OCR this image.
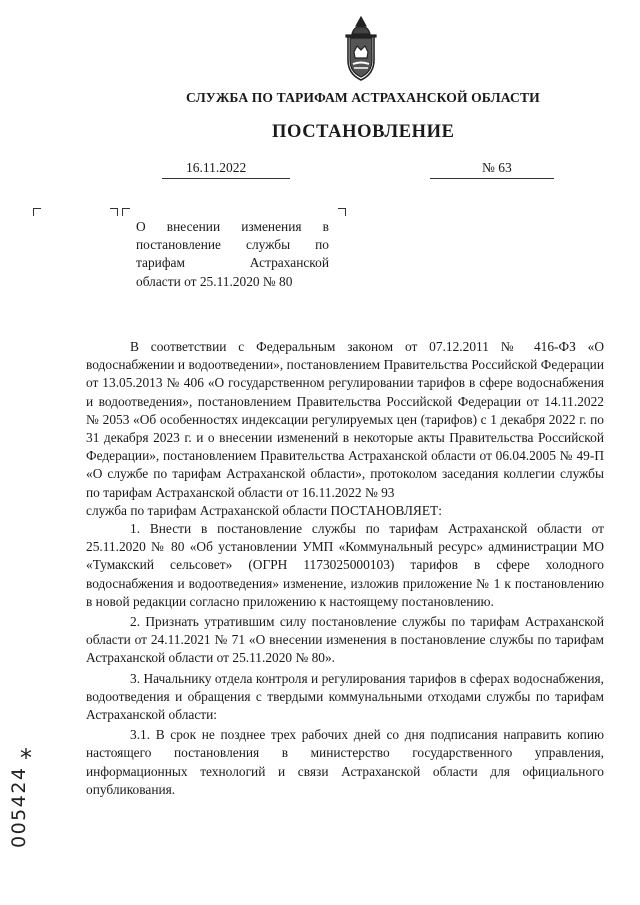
СЛУЖБА ПО ТАРИФАМ АСТРАХАНСКОЙ ОБЛАСТИ
ПОСТАНОВЛЕНИЕ
16.11.2022	№ 63
О внесении изменения в
постановление службы по
тарифам Астраханской
области от 25.11.2020 № 80
В соответствии с Федеральным законом от 07.12.2011 № 416-ФЗ «О водоснабжении и водоотведении», постановлением Правительства Российской Федерации от 13.05.2013 № 406 «О государственном регулировании тарифов в сфере водоснабжения и водоотведения», постановлением Правительства Российской Федерации от 14.11.2022 № 2053 «Об особенностях индексации регулируемых цен (тарифов) с 1 декабря 2022 г. по 31 декабря 2023 г. и о внесении изменений в некоторые акты Правительства Российской Федерации», постановлением Правительства Астраханской области от 06.04.2005 № 49-П «О службе по тарифам Астраханской области», протоколом заседания коллегии службы по тарифам Астраханской области от 16.11.2022 № 93
служба по тарифам Астраханской области ПОСТАНОВЛЯЕТ:
1. Внести в постановление службы по тарифам Астраханской области от 25.11.2020 № 80 «Об установлении УМП «Коммунальный ресурс» администрации МО «Тумакский сельсовет» (ОГРН 1173025000103) тарифов в сфере холодного водоснабжения и водоотведения» изменение, изложив приложение № 1 к постановлению в новой редакции согласно приложению к настоящему постановлению.
2. Признать утратившим силу постановление службы по тарифам Астраханской области от 24.11.2021 № 71 «О внесении изменения в постановление службы по тарифам Астраханской области от 25.11.2020 № 80».
3. Начальнику отдела контроля и регулирования тарифов в сферах водоснабжения, водоотведения и обращения с твердыми коммунальными отходами службы по тарифам Астраханской области:
3.1. В срок не позднее трех рабочих дней со дня подписания направить копию настоящего постановления в министерство государственного управления, информационных технологий и связи Астраханской области для официального опубликования.
*
005424
